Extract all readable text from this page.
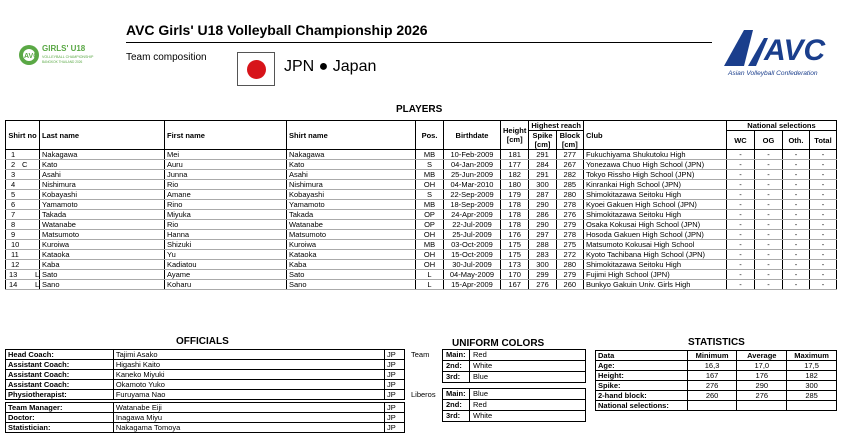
AVC
GIRLS' U18
VOLLEYBALL CHAMPIONSHIP
BANGKOK THAILAND 2026
AVC Girls' U18 Volleyball Championship 2026
Team composition
JPN ● Japan	AVC
Asian Volleyball Confederation
PLAYERS
Shirt no	Last name	First name	Shirt name	Pos.	Birthdate	Height [cm]	Highest reach		Club	National selections			
							Spike [cm]	Block [cm]		WC	OG	Oth.	Total

1	Nakagawa	Mei	Nakagawa	MB	10-Feb-2009	181	291	277	Fukuchiyama Shukutoku High	-	-	-	-

2 C	Kato	Auru	Kato	S	04-Jan-2009	177	284	267	Yonezawa Chuo High School (JPN)	-	-	-	-

3	Asahi	Junna	Asahi	MB	25-Jun-2009	182	291	282	Tokyo Rissho High School (JPN)	-	-	-	-

4	Nishimura	Rio	Nishimura	OH	04-Mar-2010	180	300	285	Kinrankai High School (JPN)	-	-	-	-

5	Kobayashi	Amane	Kobayashi	S	22-Sep-2009	179	287	280	Shimokitazawa Seitoku High	-	-	-	-

6	Yamamoto	Rino	Yamamoto	MB	18-Sep-2009	178	290	278	Kyoei Gakuen High School (JPN)	-	-	-	-

7	Takada	Miyuka	Takada	OP	24-Apr-2009	178	286	276	Shimokitazawa Seitoku High	-	-	-	-

8	Watanabe	Rio	Watanabe	OP	22-Jul-2009	178	290	279	Osaka Kokusai High School (JPN)	-	-	-	-

9	Matsumoto	Hanna	Matsumoto	OH	25-Jul-2009	176	297	278	Hosoda Gakuen High School (JPN)	-	-	-	-

10	Kuroiwa	Shizuki	Kuroiwa	MB	03-Oct-2009	175	288	275	Matsumoto Kokusai High School	-	-	-	-

11	Kataoka	Yu	Kataoka	OH	15-Oct-2009	175	283	272	Kyoto Tachibana High School (JPN)	-	-	-	-

12	Kaba	Kadiatou	Kaba	OH	30-Jul-2009	173	300	280	Shimokitazawa Seitoku High	-	-	-	-

13 L	Sato	Ayame	Sato	L	04-May-2009	170	299	279	Fujimi High School (JPN)	-	-	-	-

14 L	Sano	Koharu	Sano	L	15-Apr-2009	167	276	260	Bunkyo Gakuin Univ. Girls High	-	-	-	-
OFFICIALS
Head Coach:	Tajimi Asako	JP
Assistant Coach:	Higashi Kaito	JP
Assistant Coach:	Kaneko Miyuki	JP
Assistant Coach:	Okamoto Yuko	JP
Physiotherapist:	Furuyama Nao	JP

Team Manager:	Watanabe Eiji	JP
Doctor:	Inagawa Miyu	JP
Statistician:	Nakagama Tomoya	JP
UNIFORM COLORS
Team
Liberos
Main:	Red
2nd:	White
3rd:	Blue
Main:	Blue
2nd:	Red
3rd:	White
STATISTICS
Data	Minimum	Average	Maximum
Age:	16,3	17,0	17,5
Height:	167	176	182
Spike:	276	290	300
2-hand block:	260	276	285
National selections:			
